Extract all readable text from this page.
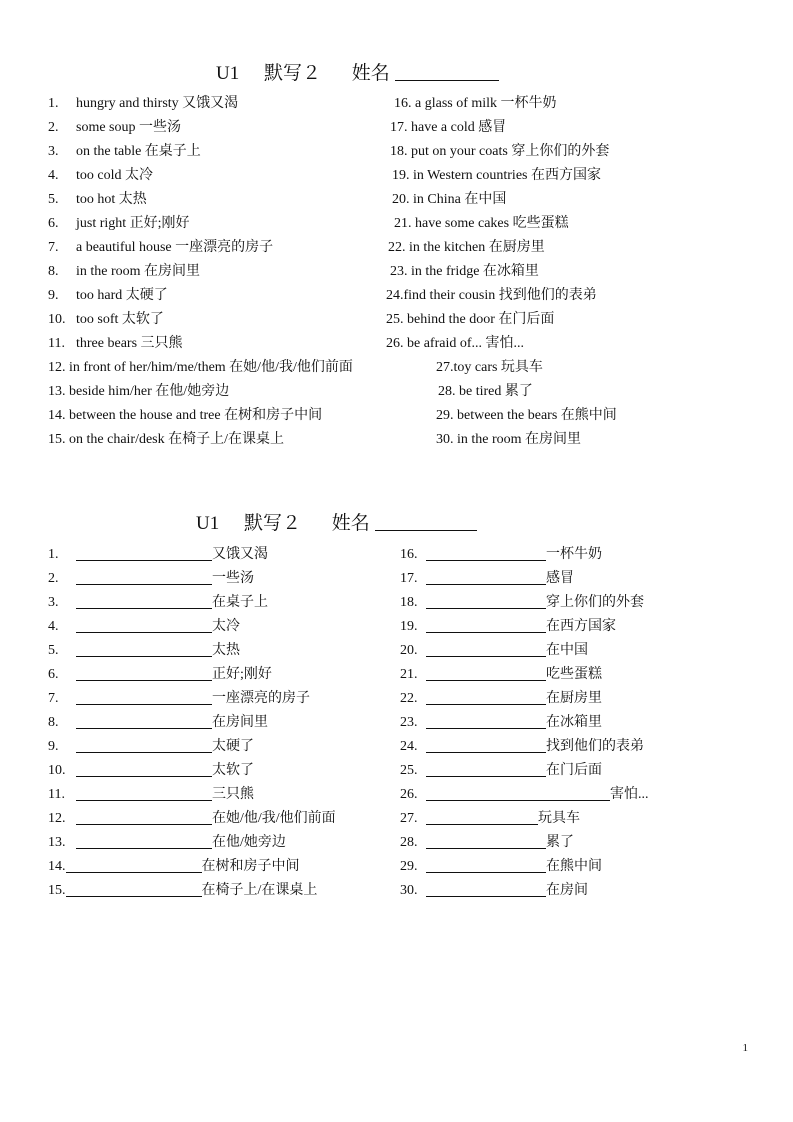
U1 默写２ 姓名
1. hungry and thirsty 又饿又渴
2. some soup 一些汤
3. on the table 在桌子上
4. too cold 太冷
5. too hot 太热
6. just right 正好;刚好
7. a beautiful house 一座漂亮的房子
8. in the room 在房间里
9. too hard 太硬了
10. too soft 太软了
11. three bears 三只熊
12. in front of her/him/me/them 在她/他/我/他们前面
13. beside him/her 在他/她旁边
14. between the house and tree 在树和房子中间
15. on the chair/desk 在椅子上/在课桌上
16. a glass of milk 一杯牛奶
17. have a cold 感冒
18. put on your coats 穿上你们的外套
19. in Western countries 在西方国家
20. in China 在中国
21. have some cakes 吃些蛋糕
22. in the kitchen 在厨房里
23. in the fridge 在冰箱里
24.find their cousin 找到他们的表弟
25. behind the door 在门后面
26. be afraid of... 害怕...
27.toy cars 玩具车
28. be tired 累了
29. between the bears 在熊中间
30. in the room 在房间里
U1 默写２ 姓名
1.	又饿又渴
2.	一些汤
3.	在桌子上
4.	太冷
5.	太热
6.	正好;刚好
7.	一座漂亮的房子
8.	在房间里
9.	太硬了
10.	太软了
11.	三只熊
12.	在她/他/我/他们前面
13.	在他/她旁边
14.	在树和房子中间
15.	在椅子上/在课桌上
16.	一杯牛奶
17.	感冒
18.	穿上你们的外套
19.	在西方国家
20.	在中国
21.	吃些蛋糕
22.	在厨房里
23.	在冰箱里
24.	找到他们的表弟
25.	在门后面
26.	害怕...
27.	玩具车
28.	累了
29.	在熊中间
30.	在房间
1
